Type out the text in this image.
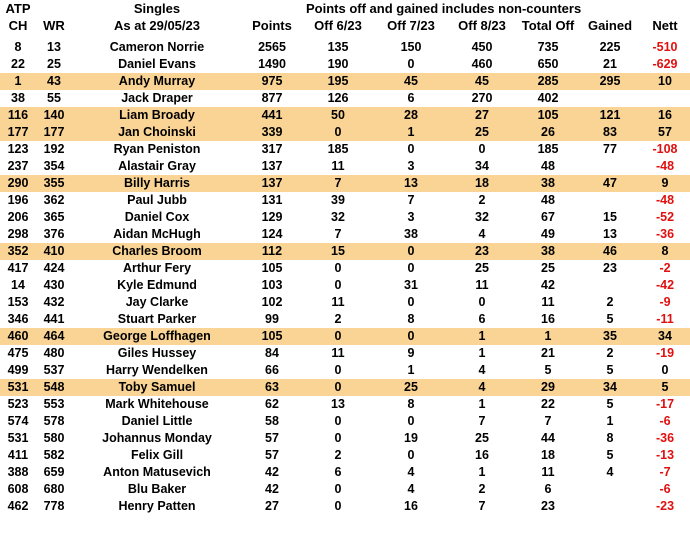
ATP		Singles		Points off and gained includes non-counters					
CH	WR	As at 29/05/23	Points	Off 6/23	Off 7/23	Off 8/23	Total Off	Gained	Nett

8	13	Cameron Norrie	2565	135	150	450	735	225	-510
22	25	Daniel Evans	1490	190	0	460	650	21	-629
1	43	Andy Murray	975	195	45	45	285	295	10
38	55	Jack Draper	877	126	6	270	402		
116	140	Liam Broady	441	50	28	27	105	121	16
177	177	Jan Choinski	339	0	1	25	26	83	57
123	192	Ryan Peniston	317	185	0	0	185	77	-108
237	354	Alastair Gray	137	11	3	34	48		-48
290	355	Billy Harris	137	7	13	18	38	47	9
196	362	Paul Jubb	131	39	7	2	48		-48
206	365	Daniel Cox	129	32	3	32	67	15	-52
298	376	Aidan McHugh	124	7	38	4	49	13	-36
352	410	Charles Broom	112	15	0	23	38	46	8
417	424	Arthur Fery	105	0	0	25	25	23	-2
14	430	Kyle Edmund	103	0	31	11	42		-42
153	432	Jay Clarke	102	11	0	0	11	2	-9
346	441	Stuart Parker	99	2	8	6	16	5	-11
460	464	George Loffhagen	105	0	0	1	1	35	34
475	480	Giles Hussey	84	11	9	1	21	2	-19
499	537	Harry Wendelken	66	0	1	4	5	5	0
531	548	Toby Samuel	63	0	25	4	29	34	5
523	553	Mark Whitehouse	62	13	8	1	22	5	-17
574	578	Daniel Little	58	0	0	7	7	1	-6
531	580	Johannus Monday	57	0	19	25	44	8	-36
411	582	Felix Gill	57	2	0	16	18	5	-13
388	659	Anton Matusevich	42	6	4	1	11	4	-7
608	680	Blu Baker	42	0	4	2	6		-6
462	778	Henry Patten	27	0	16	7	23		-23
